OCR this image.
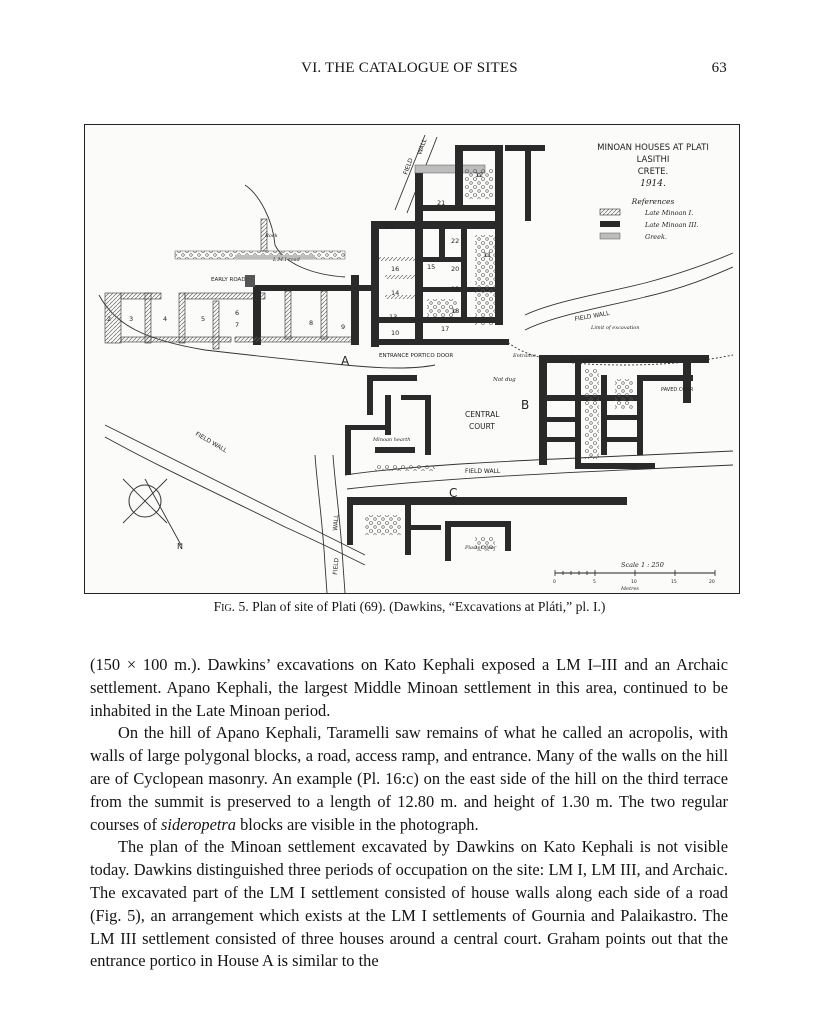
VI. THE CATALOGUE OF SITES	63
MINOAN HOUSES AT PLATI
LASITHI
CRETE.
1914.
References
Late Minoan I.
Late Minoan III.
Greek.
N
A
B
C
CENTRAL
COURT
ENTRANCE PORTICO DOOR
EARLY ROAD
L.M.I road
Rock
Pavement
PAVED COUR
Not dug
Plaster floor
Minoan hearth
Limit of excavation
Entrance
FIELD WALL
FIELD WALL
FIELD WALL
FIELD
WALL
FIELD
WALL
2	3	4	5
6
7	8	9
10
11
12
13
14
15
16
17
18
19
20
21
22
23
Scale 1 : 250
0	5	10	15	20
Metres
Fig. 5. Plan of site of Plati (69). (Dawkins, “Excavations at Pláti,” pl. I.)

(150 × 100 m.). Dawkins’ excavations on Kato Kephali exposed a LM I–III and an Archaic settlement. Apano Kephali, the largest Middle Minoan settlement in this area, continued to be inhabited in the Late Minoan period.

On the hill of Apano Kephali, Taramelli saw remains of what he called an acropolis, with walls of large polygonal blocks, a road, access ramp, and entrance. Many of the walls on the hill are of Cyclopean masonry. An example (Pl. 16:c) on the east side of the hill on the third terrace from the summit is preserved to a length of 12.80 m. and height of 1.30 m. The two regular courses of sideropetra blocks are visible in the photograph.

The plan of the Minoan settlement excavated by Dawkins on Kato Kephali is not visible today. Dawkins distinguished three periods of occupation on the site: LM I, LM III, and Archaic. The excavated part of the LM I settlement consisted of house walls along each side of a road (Fig. 5), an arrangement which exists at the LM I settlements of Gournia and Palaikastro. The LM III settlement consisted of three houses around a central court. Graham points out that the entrance portico in House A is similar to the
